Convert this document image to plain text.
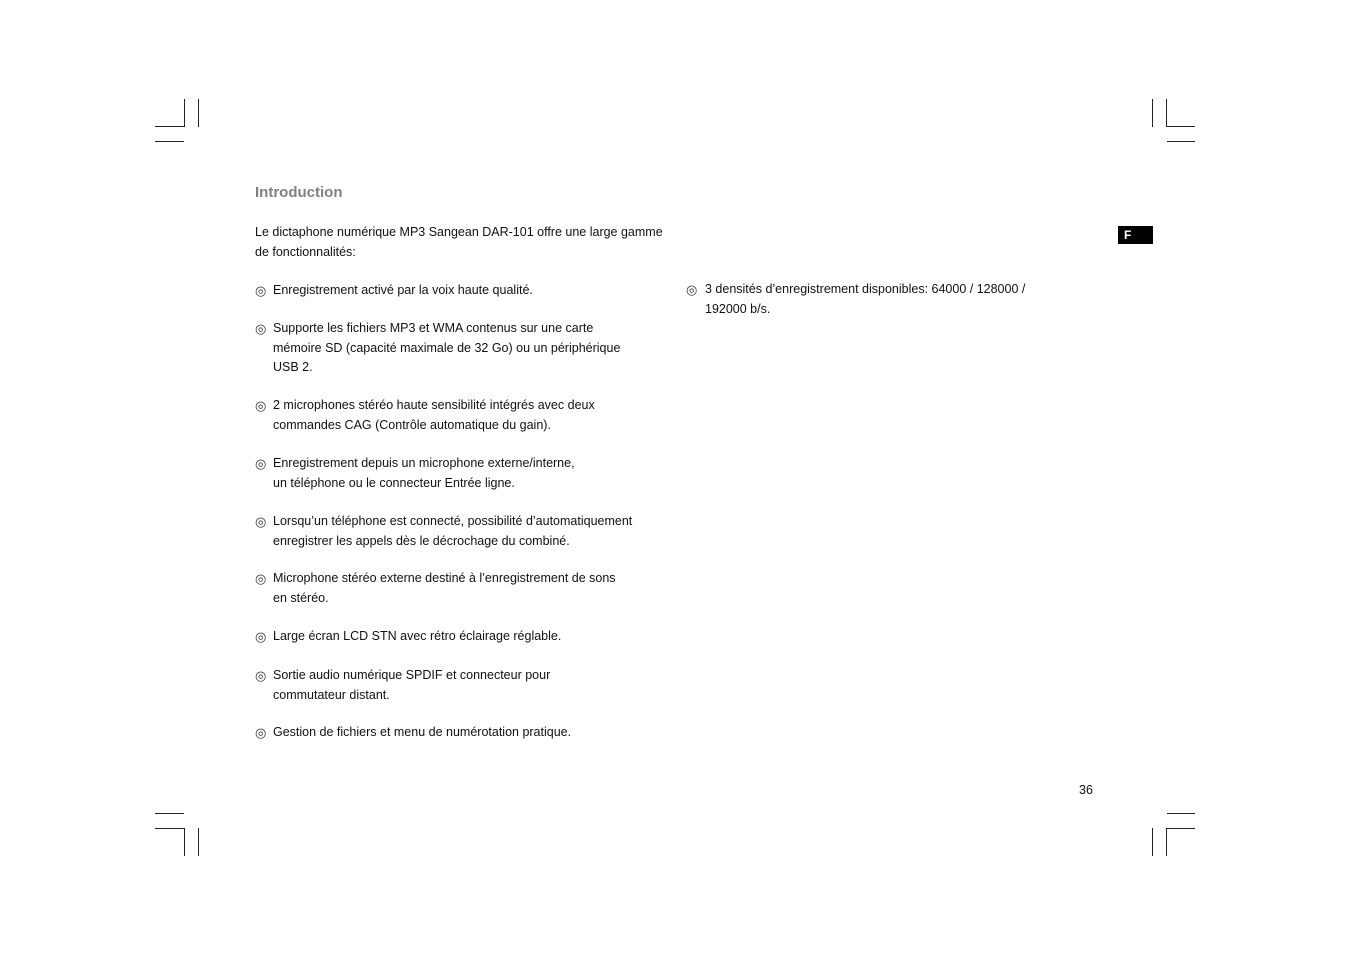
Introduction

Le dictaphone numérique MP3 Sangean DAR-101 offre une large gamme de fonctionnalités:

◎ Enregistrement activé par la voix haute qualité.
◎ Supporte les fichiers MP3 et WMA contenus sur une carte
mémoire SD (capacité maximale de 32 Go) ou un périphérique
USB 2.
◎ 2 microphones stéréo haute sensibilité intégrés avec deux
commandes CAG (Contrôle automatique du gain).
◎ Enregistrement depuis un microphone externe/interne,
un téléphone ou le connecteur Entrée ligne.
◎ Lorsqu’un téléphone est connecté, possibilité d’automatiquement
enregistrer les appels dès le décrochage du combiné.
◎ Microphone stéréo externe destiné à l’enregistrement de sons
en stéréo.
◎ Large écran LCD STN avec rétro éclairage réglable.
◎ Sortie audio numérique SPDIF et connecteur pour
commutateur distant.
◎ Gestion de fichiers et menu de numérotation pratique.
◎ 3 densités d’enregistrement disponibles: 64000 / 128000 /
192000 b/s.
F
36
